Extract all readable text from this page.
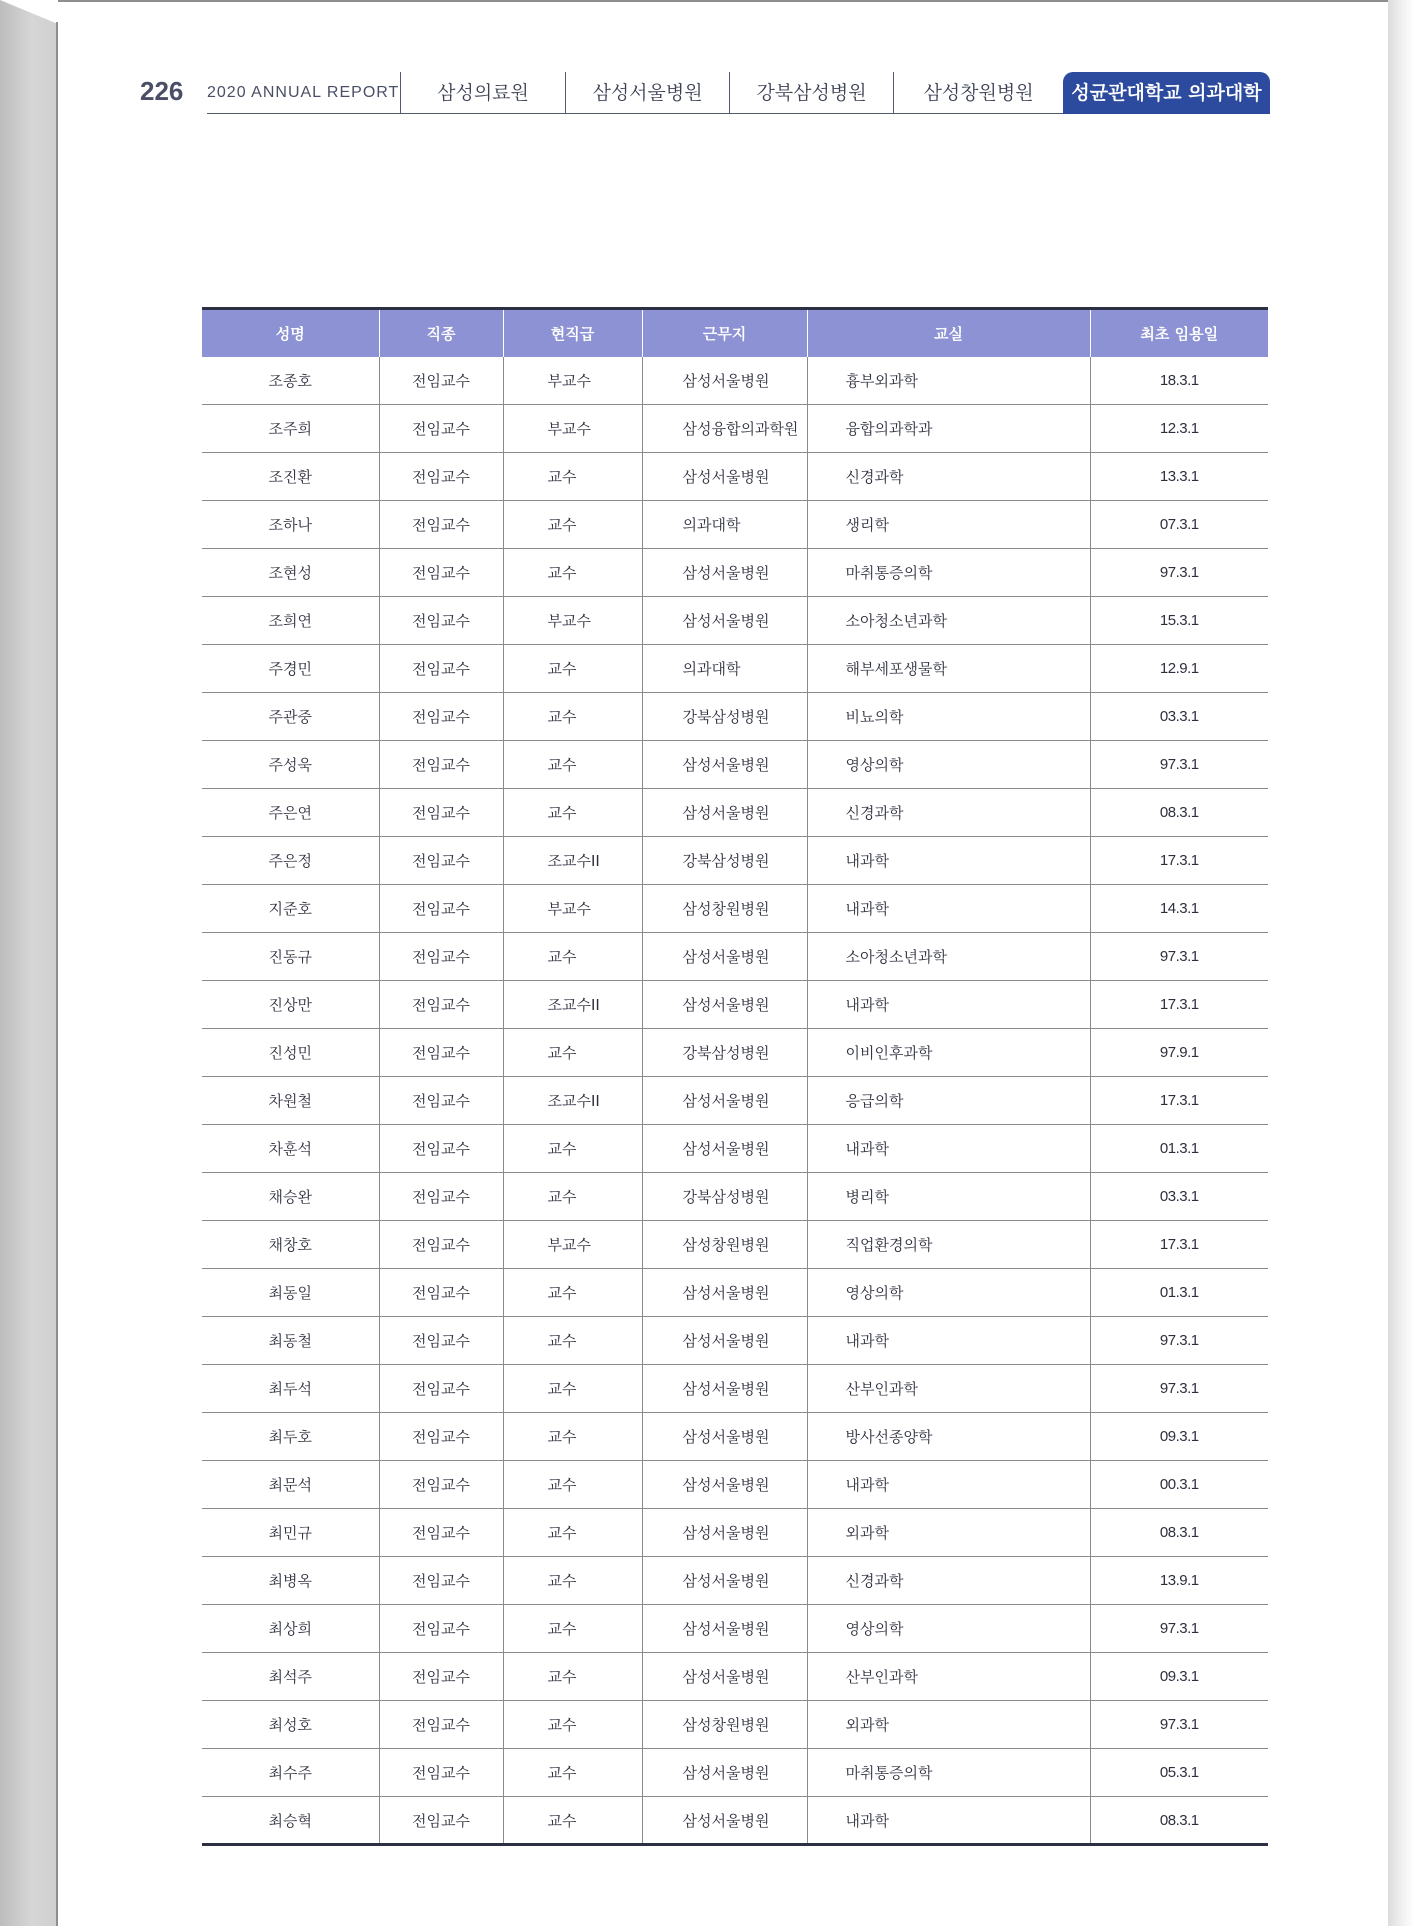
226 2020 ANNUAL REPORT	삼성의료원	삼성서울병원	강북삼성병원	삼성창원병원	성균관대학교 의과대학
성명	직종	현직급	근무지	교실	최초 임용일
조종호	전임교수	부교수	삼성서울병원	흉부외과학	18.3.1
조주희	전임교수	부교수	삼성융합의과학원	융합의과학과	12.3.1
조진환	전임교수	교수	삼성서울병원	신경과학	13.3.1
조하나	전임교수	교수	의과대학	생리학	07.3.1
조현성	전임교수	교수	삼성서울병원	마취통증의학	97.3.1
조희연	전임교수	부교수	삼성서울병원	소아청소년과학	15.3.1
주경민	전임교수	교수	의과대학	해부세포생물학	12.9.1
주관중	전임교수	교수	강북삼성병원	비뇨의학	03.3.1
주성욱	전임교수	교수	삼성서울병원	영상의학	97.3.1
주은연	전임교수	교수	삼성서울병원	신경과학	08.3.1
주은정	전임교수	조교수II	강북삼성병원	내과학	17.3.1
지준호	전임교수	부교수	삼성창원병원	내과학	14.3.1
진동규	전임교수	교수	삼성서울병원	소아청소년과학	97.3.1
진상만	전임교수	조교수II	삼성서울병원	내과학	17.3.1
진성민	전임교수	교수	강북삼성병원	이비인후과학	97.9.1
차원철	전임교수	조교수II	삼성서울병원	응급의학	17.3.1
차훈석	전임교수	교수	삼성서울병원	내과학	01.3.1
채승완	전임교수	교수	강북삼성병원	병리학	03.3.1
채창호	전임교수	부교수	삼성창원병원	직업환경의학	17.3.1
최동일	전임교수	교수	삼성서울병원	영상의학	01.3.1
최동철	전임교수	교수	삼성서울병원	내과학	97.3.1
최두석	전임교수	교수	삼성서울병원	산부인과학	97.3.1
최두호	전임교수	교수	삼성서울병원	방사선종양학	09.3.1
최문석	전임교수	교수	삼성서울병원	내과학	00.3.1
최민규	전임교수	교수	삼성서울병원	외과학	08.3.1
최병옥	전임교수	교수	삼성서울병원	신경과학	13.9.1
최상희	전임교수	교수	삼성서울병원	영상의학	97.3.1
최석주	전임교수	교수	삼성서울병원	산부인과학	09.3.1
최성호	전임교수	교수	삼성창원병원	외과학	97.3.1
최수주	전임교수	교수	삼성서울병원	마취통증의학	05.3.1
최승혁	전임교수	교수	삼성서울병원	내과학	08.3.1
